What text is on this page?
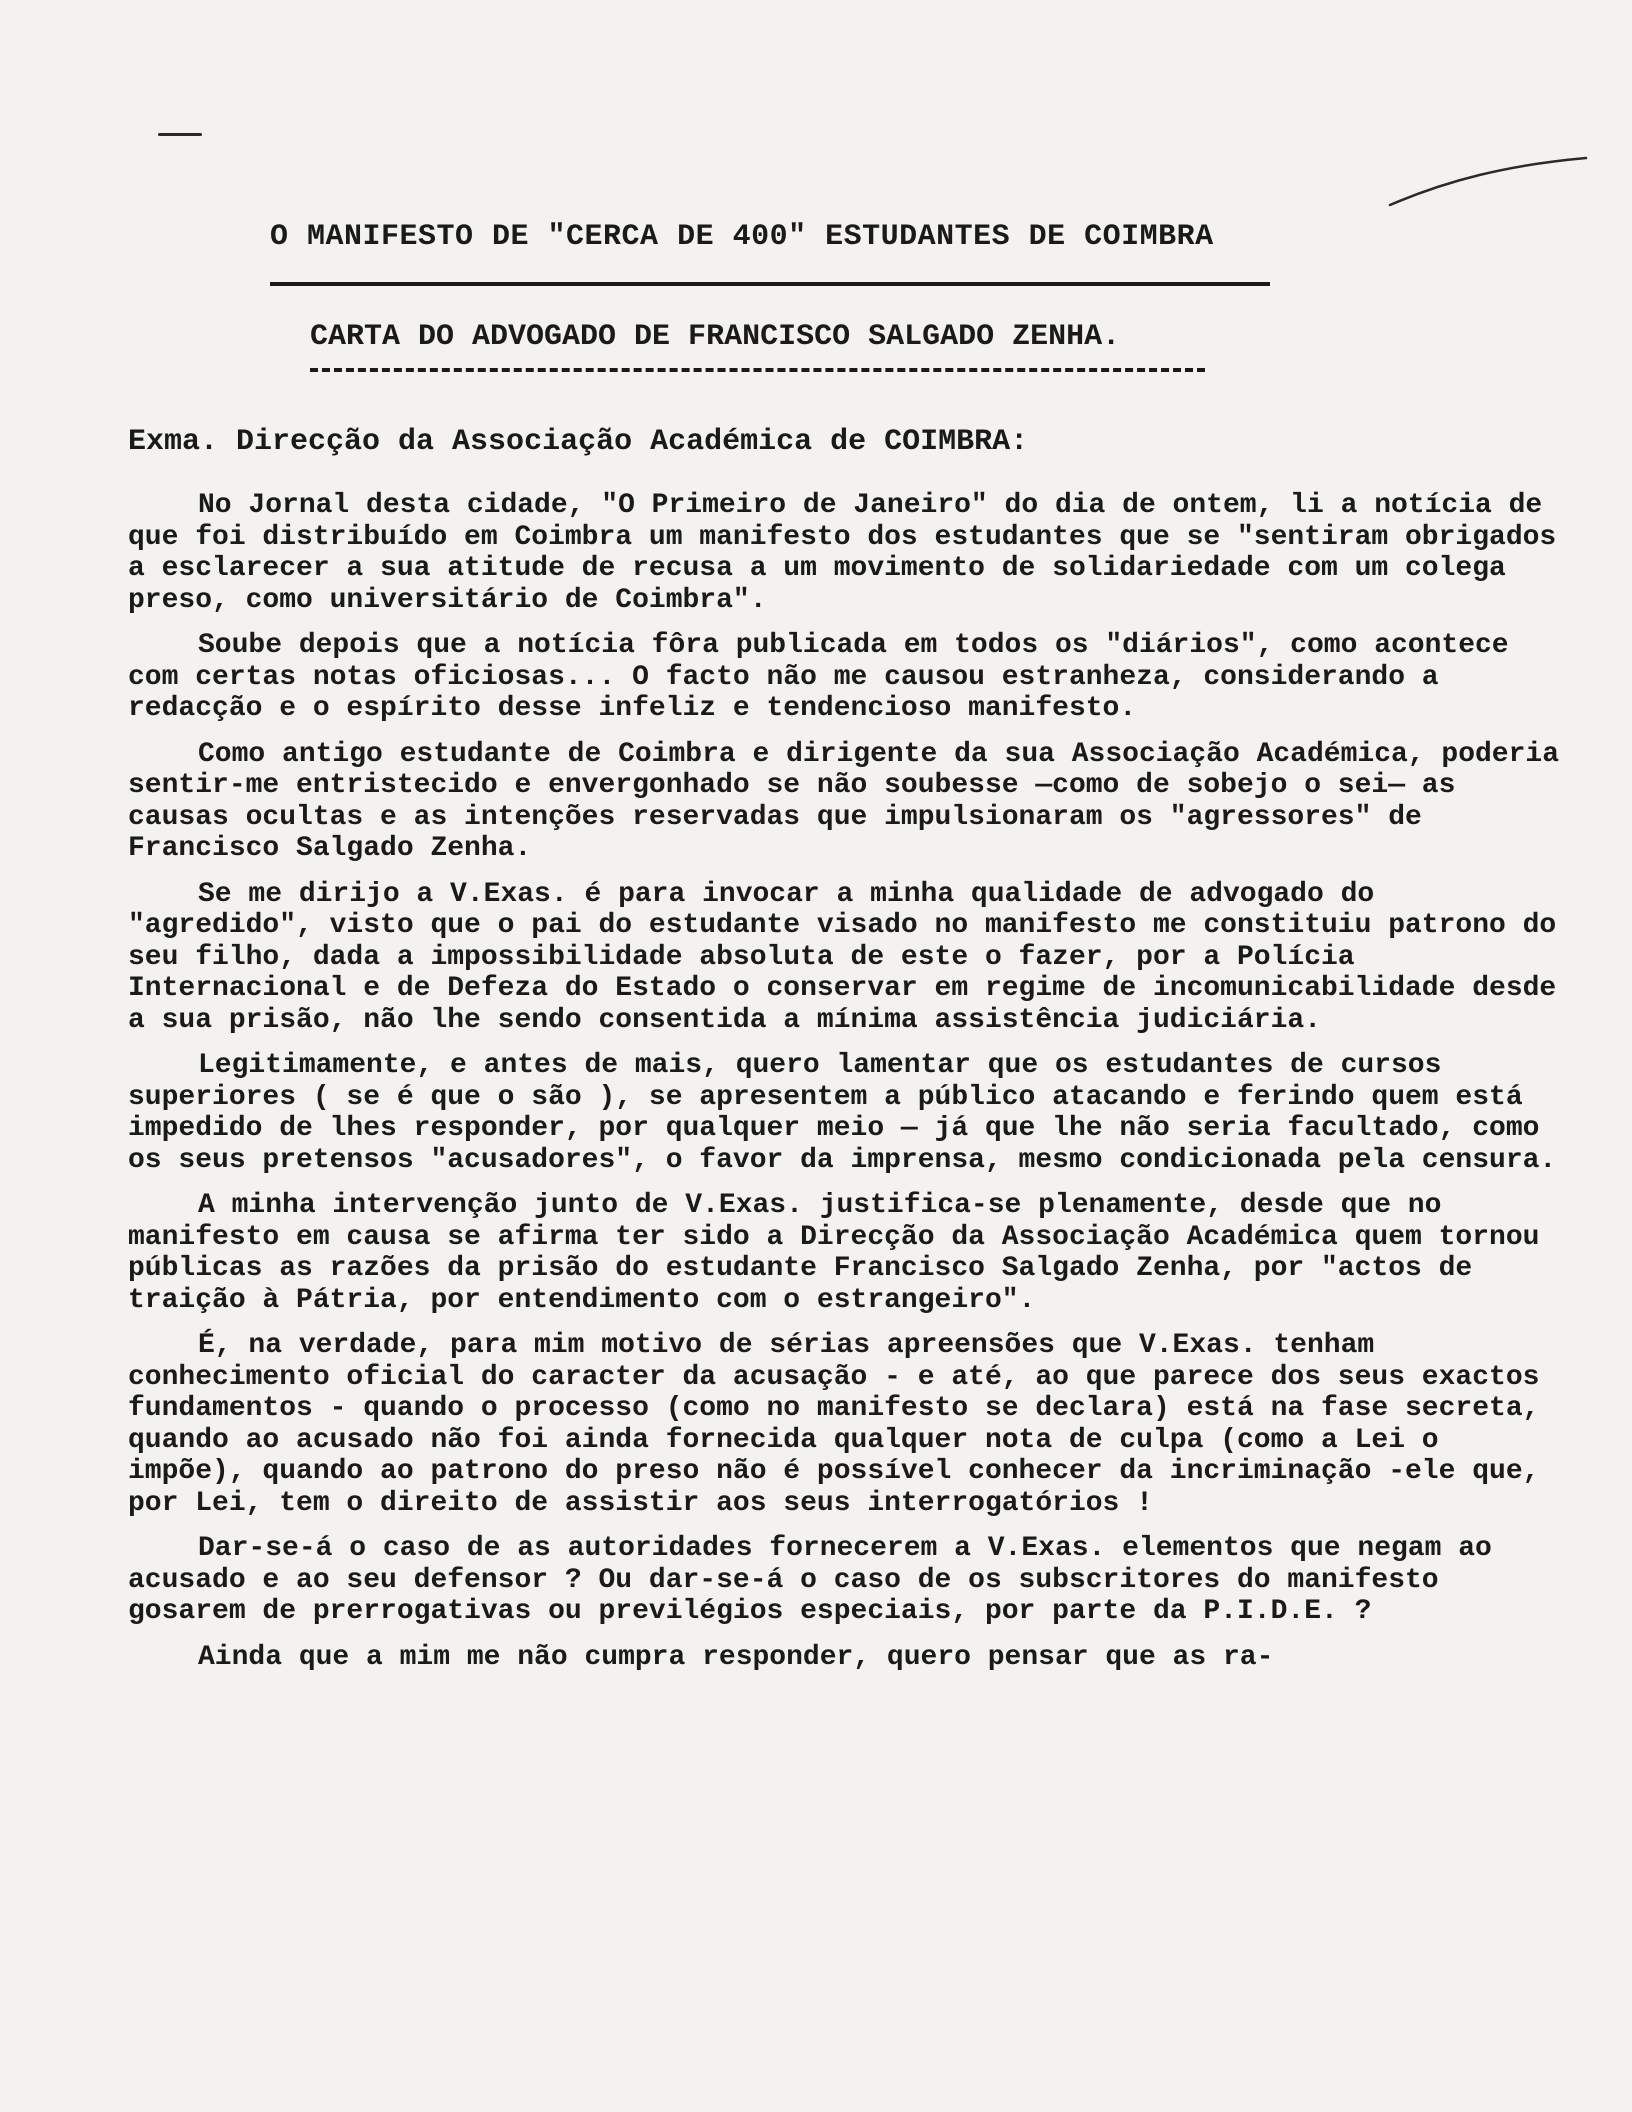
O MANIFESTO DE "CERCA DE 400" ESTUDANTES DE COIMBRA
CARTA DO ADVOGADO DE FRANCISCO SALGADO ZENHA.
Exma. Direcção da Associação Académica de COIMBRA:

No Jornal desta cidade, "O Primeiro de Janeiro" do dia de ontem, li a notícia de que foi distribuído em Coimbra um manifesto dos estudantes que se "sentiram obrigados a esclarecer a sua atitude de recusa a um movimento de solidariedade com um colega preso, como universitário de Coimbra".

Soube depois que a notícia fôra publicada em todos os "diários", como acontece com certas notas oficiosas... O facto não me causou estranheza, considerando a redacção e o espírito desse infeliz e tendencioso manifesto.

Como antigo estudante de Coimbra e dirigente da sua Associação Académica, poderia sentir-me entristecido e envergonhado se não soubesse —como de sobejo o sei— as causas ocultas e as intenções reservadas que impulsionaram os "agressores" de Francisco Salgado Zenha.

Se me dirijo a V.Exas. é para invocar a minha qualidade de advogado do "agredido", visto que o pai do estudante visado no manifesto me constituiu patrono do seu filho, dada a impossibilidade absoluta de este o fazer, por a Polícia Internacional e de Defeza do Estado o conservar em regime de incomunicabilidade desde a sua prisão, não lhe sendo consentida a mínima assistência judiciária.

Legitimamente, e antes de mais, quero lamentar que os estudantes de cursos superiores ( se é que o são ), se apresentem a público atacando e ferindo quem está impedido de lhes responder, por qualquer meio — já que lhe não seria facultado, como os seus pretensos "acusadores", o favor da imprensa, mesmo condicionada pela censura.

A minha intervenção junto de V.Exas. justifica-se plenamente, desde que no manifesto em causa se afirma ter sido a Direcção da Associação Académica quem tornou públicas as razões da prisão do estudante Francisco Salgado Zenha, por "actos de traição à Pátria, por entendimento com o estrangeiro".

É, na verdade, para mim motivo de sérias apreensões que V.Exas. tenham conhecimento oficial do caracter da acusação - e até, ao que parece dos seus exactos fundamentos - quando o processo (como no manifesto se declara) está na fase secreta, quando ao acusado não foi ainda fornecida qualquer nota de culpa (como a Lei o impõe), quando ao patrono do preso não é possível conhecer da incriminação -ele que, por Lei, tem o direito de assistir aos seus interrogatórios !

Dar-se-á o caso de as autoridades fornecerem a V.Exas. elementos que negam ao acusado e ao seu defensor ? Ou dar-se-á o caso de os subscritores do manifesto gosarem de prerrogativas ou previlégios especiais, por parte da P.I.D.E. ?

Ainda que a mim me não cumpra responder, quero pensar que as ra-
